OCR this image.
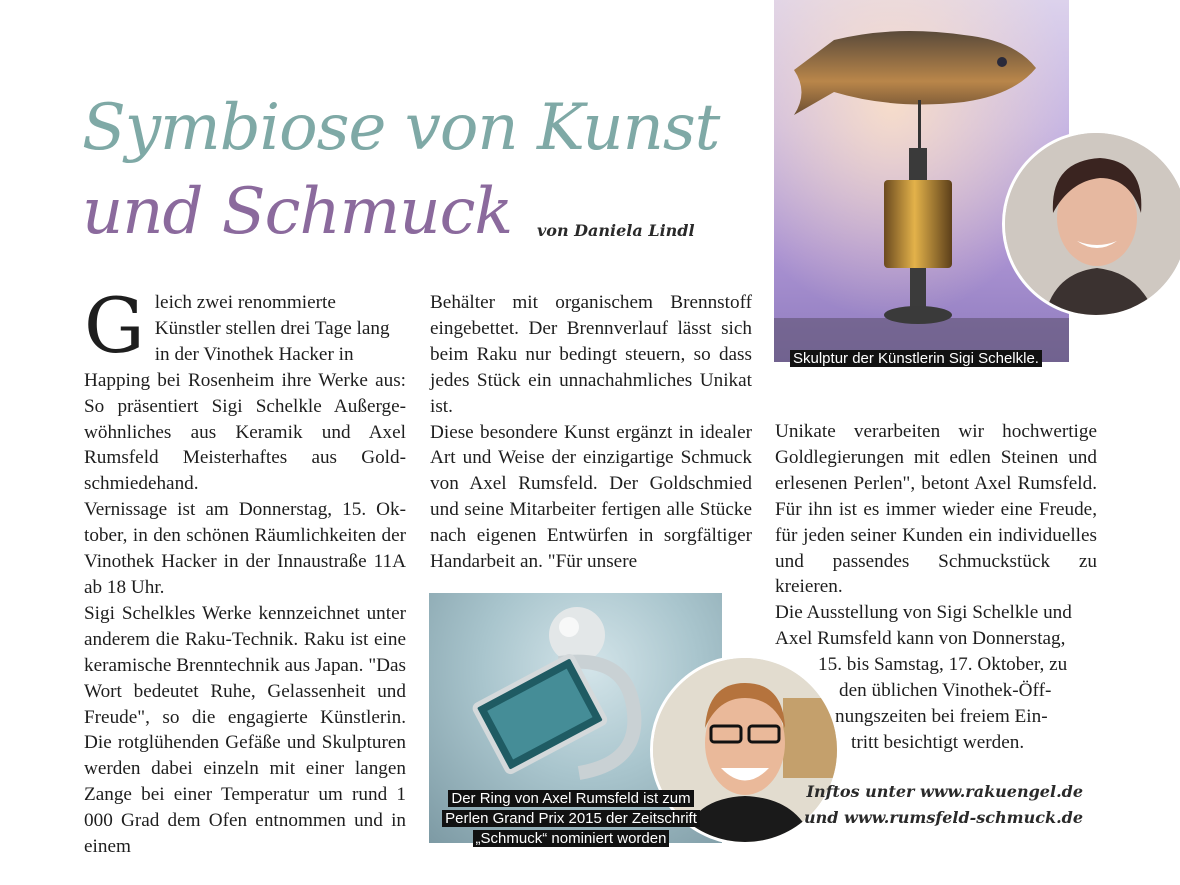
Symbiose von Kunst
und Schmuck von Daniela Lindl

G leich zwei renommierte
Künstler stellen drei Tage lang
in der Vinothek Hacker in
Happing bei Rosenheim ihre Werke aus: So präsentiert Sigi Schelkle Außergewöhnliches aus Keramik und Axel Rumsfeld Meisterhaftes aus Goldschmiedehand.

Vernissage ist am Donnerstag, 15. Oktober, in den schönen Räumlichkeiten der Vinothek Hacker in der Innaustraße 11A ab 18 Uhr.

Sigi Schelkles Werke kennzeichnet unter anderem die Raku-Technik. Raku ist eine keramische Brenntechnik aus Japan. "Das Wort bedeutet Ruhe, Gelassenheit und Freude", so die engagierte Künstlerin. Die rotglühenden Gefäße und Skulpturen werden dabei einzeln mit einer langen Zange bei einer Temperatur um rund 1 000 Grad dem Ofen entnommen und in einem

Behälter mit organischem Brennstoff eingebettet. Der Brennverlauf lässt sich beim Raku nur bedingt steuern, so dass jedes Stück ein unnachahmliches Unikat ist.

Diese besondere Kunst ergänzt in idealer Art und Weise der einzigartige Schmuck von Axel Rumsfeld. Der Goldschmied und seine Mitarbeiter fertigen alle Stücke nach eigenen Entwürfen in sorgfältiger Handarbeit an. "Für unsere

Unikate verarbeiten wir hochwertige Goldlegierungen mit edlen Steinen und erlesenen Perlen", betont Axel Rumsfeld. Für ihn ist es immer wieder eine Freude, für jeden seiner Kunden ein individuelles und passendes Schmuckstück zu kreieren.

Die Ausstellung von Sigi Schelkle und
Axel Rumsfeld kann von Donnerstag,
15. bis Samstag, 17. Oktober, zu
den üblichen Vinothek-Öff-
nungszeiten bei freiem Ein-
tritt besichtigt werden.

Skulptur der Künstlerin Sigi Schelkle.
Der Ring von Axel Rumsfeld ist zum
Perlen Grand Prix 2015 der Zeitschrift
„Schmuck“ nominiert worden
Inftos unter www.rakuengel.de
und www.rumsfeld-schmuck.de
